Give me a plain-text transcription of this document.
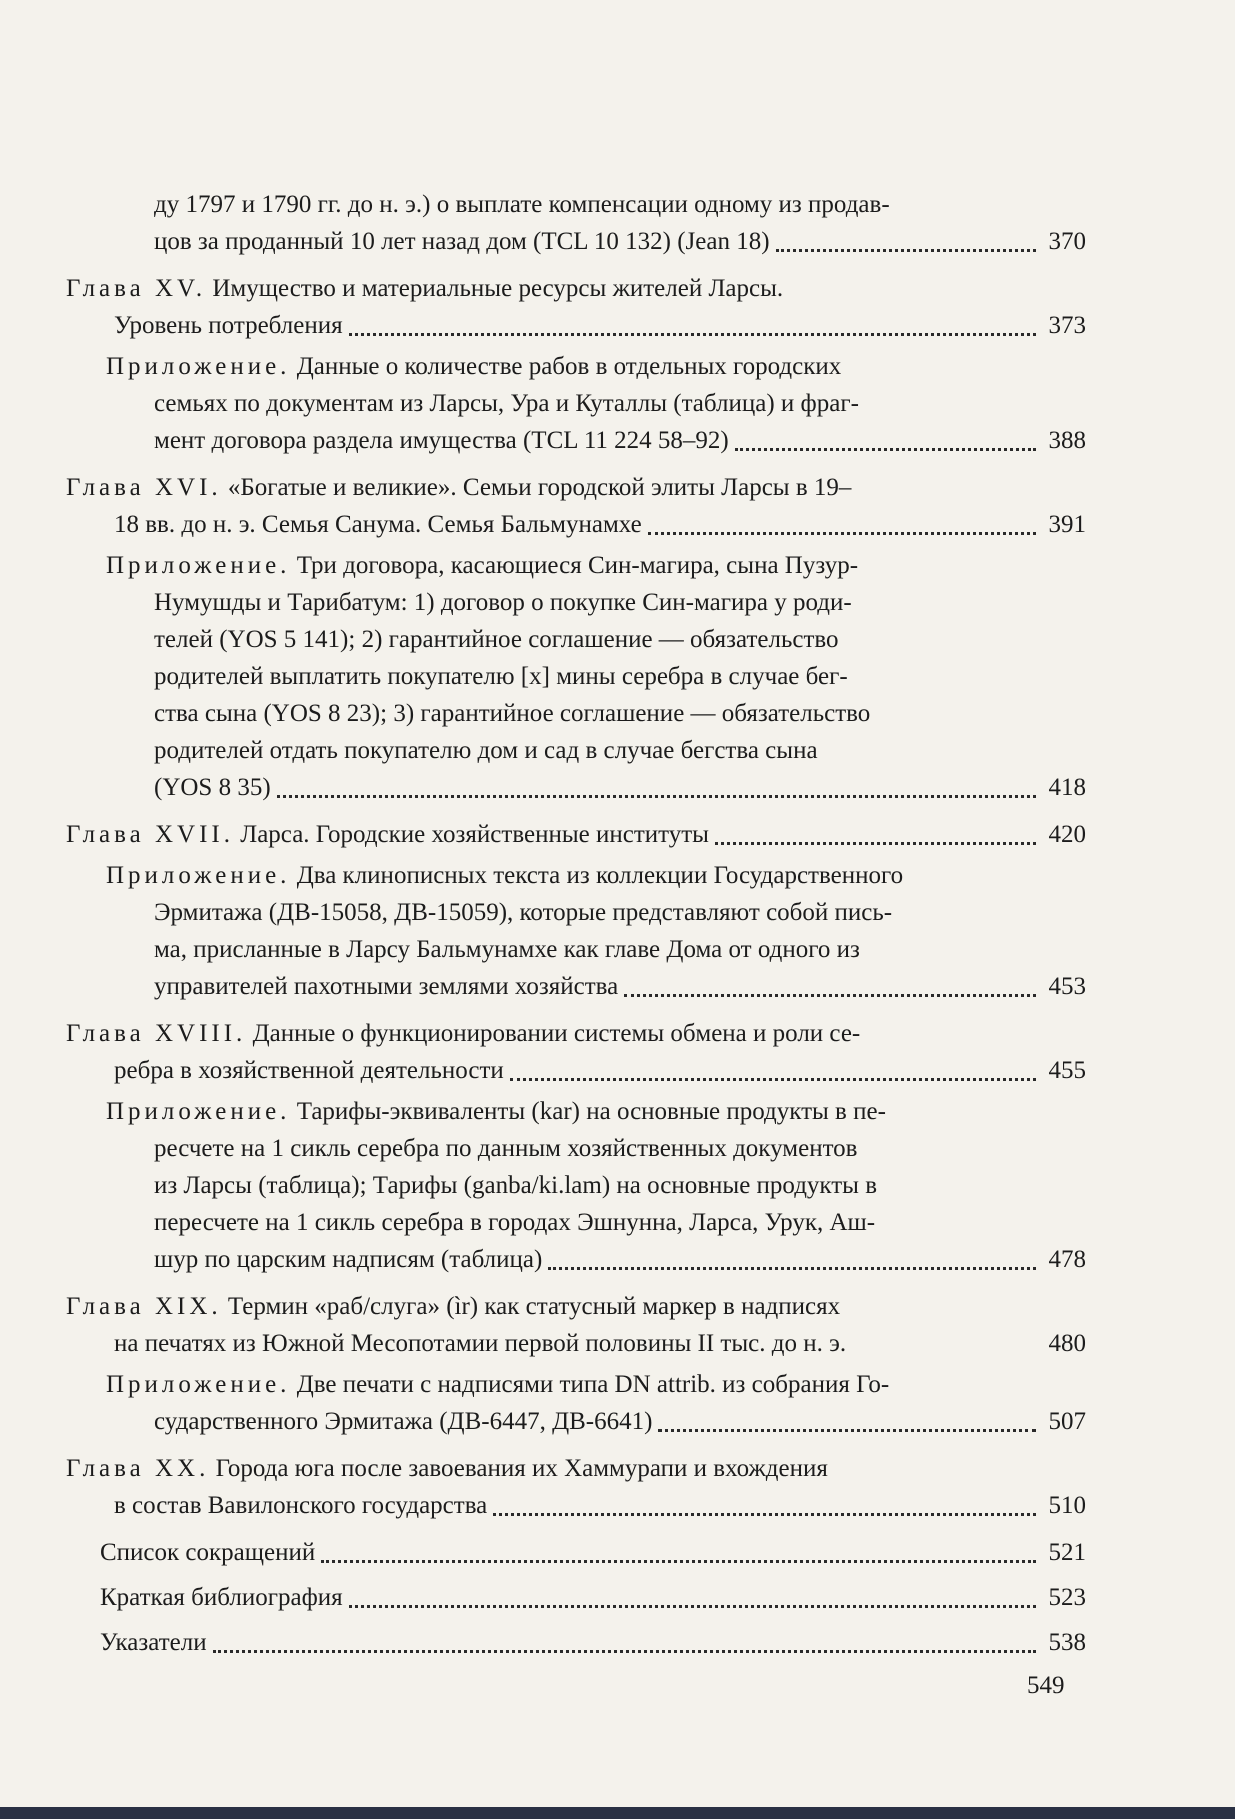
ду 1797 и 1790 гг. до н. э.) о выплате компенсации одному из продав-
цов за проданный 10 лет назад дом (TCL 10 132) (Jean 18)	370
Глава XV. Имущество и материальные ресурсы жителей Ларсы.
Уровень потребления	373
Приложение. Данные о количестве рабов в отдельных городских
семьях по документам из Ларсы, Ура и Куталлы (таблица) и фраг-
мент договора раздела имущества (TCL 11 224 58–92)	388
Глава XVI. «Богатые и великие». Семьи городской элиты Ларсы в 19–
18 вв. до н. э. Семья Санума. Семья Бальмунамхе	391
Приложение. Три договора, касающиеся Син-магира, сына Пузур-
Нумушды и Тарибатум: 1) договор о покупке Син-магира у роди-
телей (YOS 5 141); 2) гарантийное соглашение — обязательство
родителей выплатить покупателю [x] мины серебра в случае бег-
ства сына (YOS 8 23); 3) гарантийное соглашение — обязательство
родителей отдать покупателю дом и сад в случае бегства сына
(YOS 8 35)	418
Глава XVII. Ларса. Городские хозяйственные институты	420
Приложение. Два клинописных текста из коллекции Государственного
Эрмитажа (ДВ-15058, ДВ-15059), которые представляют собой пись-
ма, присланные в Ларсу Бальмунамхе как главе Дома от одного из
управителей пахотными землями хозяйства	453
Глава XVIII. Данные о функционировании системы обмена и роли се-
ребра в хозяйственной деятельности	455
Приложение. Тарифы-эквиваленты (kar) на основные продукты в пе-
ресчете на 1 сикль серебра по данным хозяйственных документов
из Ларсы (таблица); Тарифы (ganba/ki.lam) на основные продукты в
пересчете на 1 сикль серебра в городах Эшнунна, Ларса, Урук, Аш-
шур по царским надписям (таблица)	478
Глава XIX. Термин «раб/слуга» (ìr) как статусный маркер в надписях
на печатях из Южной Месопотамии первой половины II тыс. до н. э.	480
Приложение. Две печати с надписями типа DN attrib. из собрания Го-
сударственного Эрмитажа (ДВ-6447, ДВ-6641)	507
Глава XX. Города юга после завоевания их Хаммурапи и вхождения
в состав Вавилонского государства	510
Список сокращений	521
Краткая библиография	523
Указатели	538
549
